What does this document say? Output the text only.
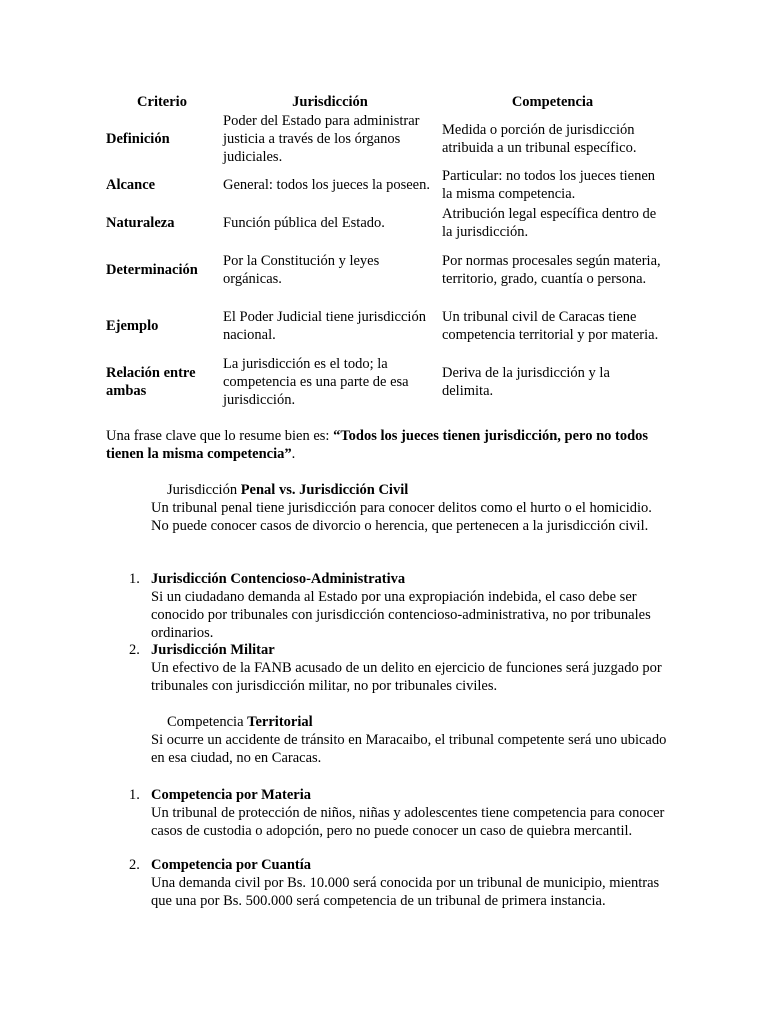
Criterio	Jurisdicción	Competencia
Definición	Poder del Estado para administrar justicia a través de los órganos judiciales.	Medida o porción de jurisdicción atribuida a un tribunal específico.
Alcance	General: todos los jueces la poseen.	Particular: no todos los jueces tienen la misma competencia.
Naturaleza	Función pública del Estado.	Atribución legal específica dentro de la jurisdicción.
Determinación	Por la Constitución y leyes orgánicas.	Por normas procesales según materia, territorio, grado, cuantía o persona.
Ejemplo	El Poder Judicial tiene jurisdicción nacional.	Un tribunal civil de Caracas tiene competencia territorial y por materia.
Relación entre ambas	La jurisdicción es el todo; la competencia es una parte de esa jurisdicción.	Deriva de la jurisdicción y la delimita.

Una frase clave que lo resume bien es: “Todos los jueces tienen jurisdicción, pero no todos tienen la misma competencia”.

Jurisdicción Penal vs. Jurisdicción Civil

Un tribunal penal tiene jurisdicción para conocer delitos como el hurto o el homicidio. No puede conocer casos de divorcio o herencia, que pertenecen a la jurisdicción civil.

1. Jurisdicción Contencioso-Administrativa
Si un ciudadano demanda al Estado por una expropiación indebida, el caso debe ser conocido por tribunales con jurisdicción contencioso-administrativa, no por tribunales ordinarios.
2. Jurisdicción Militar
Un efectivo de la FANB acusado de un delito en ejercicio de funciones será juzgado por tribunales con jurisdicción militar, no por tribunales civiles.

Competencia Territorial

Si ocurre un accidente de tránsito en Maracaibo, el tribunal competente será uno ubicado en esa ciudad, no en Caracas.

1. Competencia por Materia
Un tribunal de protección de niños, niñas y adolescentes tiene competencia para conocer casos de custodia o adopción, pero no puede conocer un caso de quiebra mercantil.
2. Competencia por Cuantía
Una demanda civil por Bs. 10.000 será conocida por un tribunal de municipio, mientras que una por Bs. 500.000 será competencia de un tribunal de primera instancia.
